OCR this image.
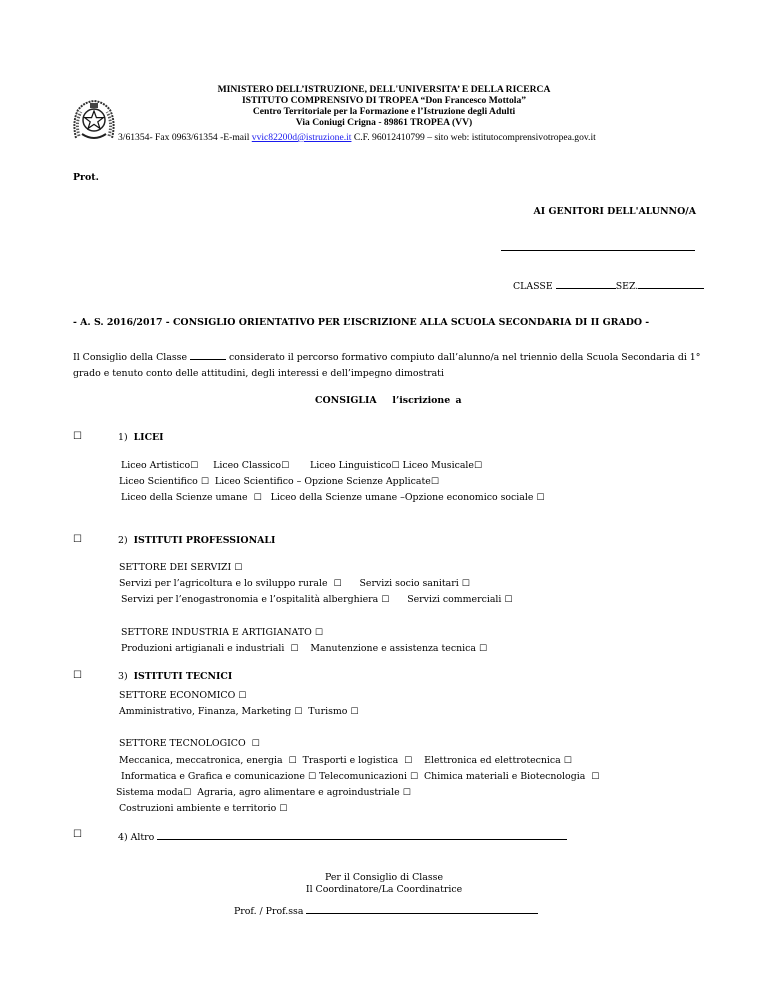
MINISTERO DELL’ISTRUZIONE, DELL'UNIVERSITA’ E DELLA RICERCA
ISTITUTO COMPRENSIVO DI TROPEA “Don Francesco Mottola”
Centro Territoriale per la Formazione e l’Istruzione degli Adulti
Via Coniugi Crigna - 89861 TROPEA (VV)
3/61354- Fax 0963/61354 -E-mail vvic82200d@istruzione.it C.F. 96012410799 – sito web: istitutocomprensivotropea.gov.it
Prot.
AI GENITORI DELL'ALUNNO/A
CLASSE	SEZ.
- A. S. 2016/2017 - CONSIGLIO ORIENTATIVO PER L’ISCRIZIONE ALLA SCUOLA SECONDARIA DI II GRADO -
Il Consiglio della Classe	considerato il percorso formativo compiuto dall’alunno/a nel triennio della Scuola Secondaria di 1°
grado e tenuto conto delle attitudini, degli interessi e dell’impegno dimostrati
CONSIGLIA l’iscrizione a
☐	1) LICEI
Liceo Artistico☐ Liceo Classico☐ Liceo Linguistico☐ Liceo Musicale☐
Liceo Scientifico ☐ Liceo Scientifico – Opzione Scienze Applicate☐
Liceo della Scienze umane ☐ Liceo della Scienze umane –Opzione economico sociale ☐
☐	2) ISTITUTI PROFESSIONALI
SETTORE DEI SERVIZI ☐
Servizi per l’agricoltura e lo sviluppo rurale ☐ Servizi socio sanitari ☐
Servizi per l’enogastronomia e l’ospitalità alberghiera ☐ Servizi commerciali ☐
SETTORE INDUSTRIA E ARTIGIANATO ☐
Produzioni artigianali e industriali ☐ Manutenzione e assistenza tecnica ☐
☐	3) ISTITUTI TECNICI
SETTORE ECONOMICO ☐
Amministrativo, Finanza, Marketing ☐ Turismo ☐
SETTORE TECNOLOGICO ☐
Meccanica, meccatronica, energia ☐ Trasporti e logistica ☐ Elettronica ed elettrotecnica ☐
Informatica e Grafica e comunicazione ☐ Telecomunicazioni ☐ Chimica materiali e Biotecnologia ☐
Sistema moda☐ Agraria, agro alimentare e agroindustriale ☐
Costruzioni ambiente e territorio ☐
☐	4) Altro
Per il Consiglio di Classe
Il Coordinatore/La Coordinatrice
Prof. / Prof.ssa
